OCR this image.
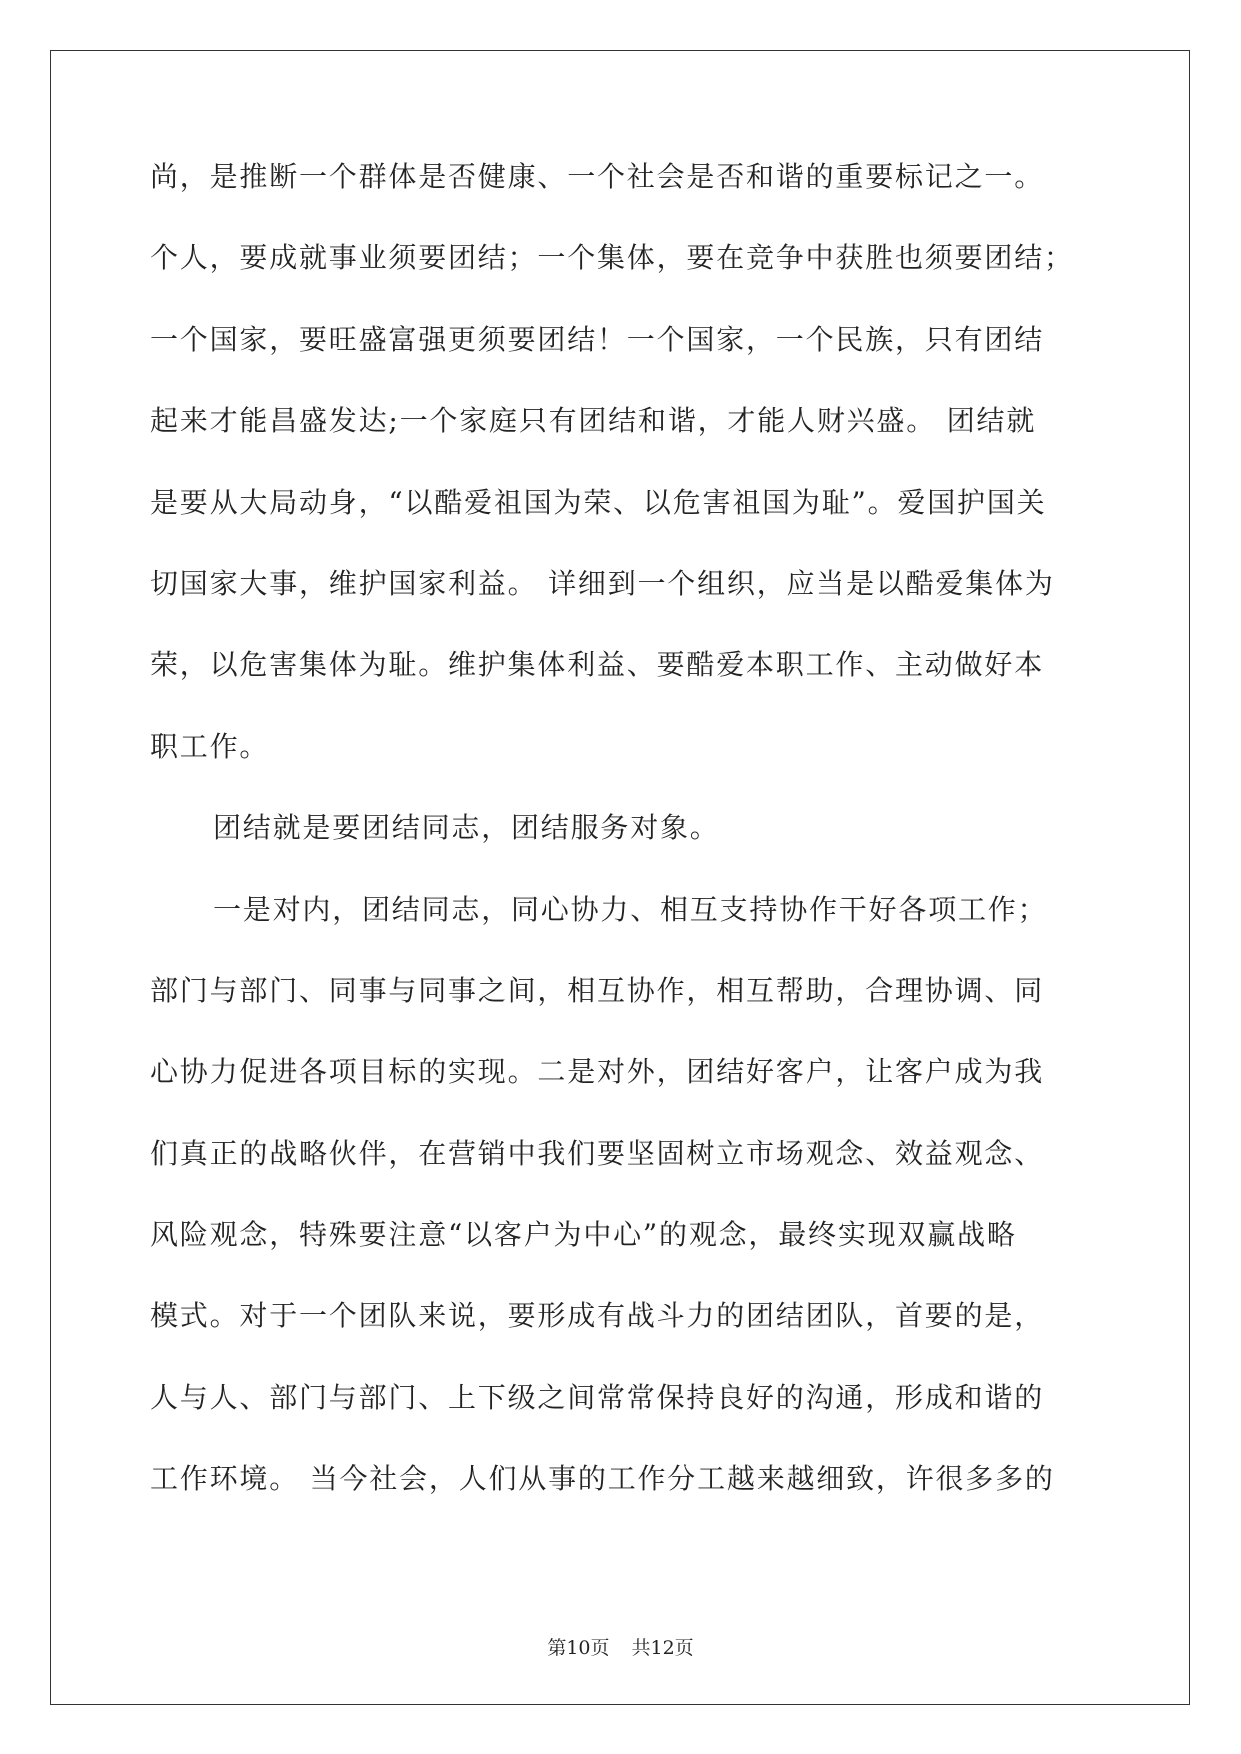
尚，是推断一个群体是否健康、一个社会是否和谐的重要标记之一。
个人，要成就事业须要团结；一个集体，要在竞争中获胜也须要团结；
一个国家，要旺盛富强更须要团结！一个国家，一个民族，只有团结
起来才能昌盛发达;一个家庭只有团结和谐，才能人财兴盛。 团结就
是要从大局动身，“以酷爱祖国为荣、以危害祖国为耻”。爱国护国关
切国家大事，维护国家利益。 详细到一个组织，应当是以酷爱集体为
荣，以危害集体为耻。维护集体利益、要酷爱本职工作、主动做好本
职工作。
团结就是要团结同志，团结服务对象。
一是对内，团结同志，同心协力、相互支持协作干好各项工作；
部门与部门、同事与同事之间，相互协作，相互帮助，合理协调、同
心协力促进各项目标的实现。二是对外，团结好客户，让客户成为我
们真正的战略伙伴，在营销中我们要坚固树立市场观念、效益观念、
风险观念，特殊要注意“以客户为中心”的观念，最终实现双赢战略
模式。对于一个团队来说，要形成有战斗力的团结团队，首要的是，
人与人、部门与部门、上下级之间常常保持良好的沟通，形成和谐的
工作环境。 当今社会，人们从事的工作分工越来越细致，许很多多的
第10页 共12页
